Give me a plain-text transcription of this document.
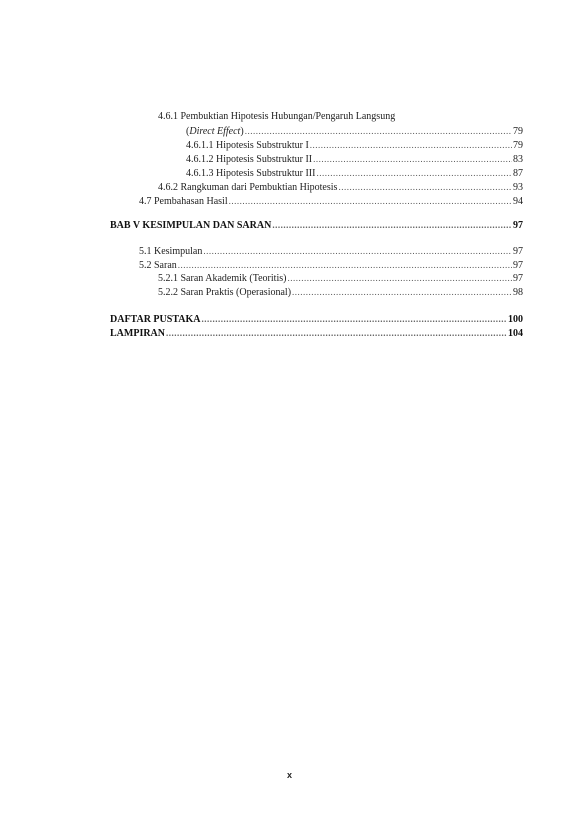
4.6.1 Pembuktian Hipotesis Hubungan/Pengaruh Langsung
(Direct Effect) .....	79
4.6.1.1 Hipotesis Substruktur I .....	79
4.6.1.2 Hipotesis Substruktur II .....	83
4.6.1.3 Hipotesis Substruktur III .....	87
4.6.2 Rangkuman dari Pembuktian Hipotesis .....	93
4.7 Pembahasan Hasil .....	94
BAB V KESIMPULAN DAN SARAN .....	97
5.1 Kesimpulan .....	97
5.2 Saran .....	97
5.2.1 Saran Akademik (Teoritis) .....	97
5.2.2 Saran Praktis (Operasional) .....	98
DAFTAR PUSTAKA .....	100
LAMPIRAN .....	104
x
